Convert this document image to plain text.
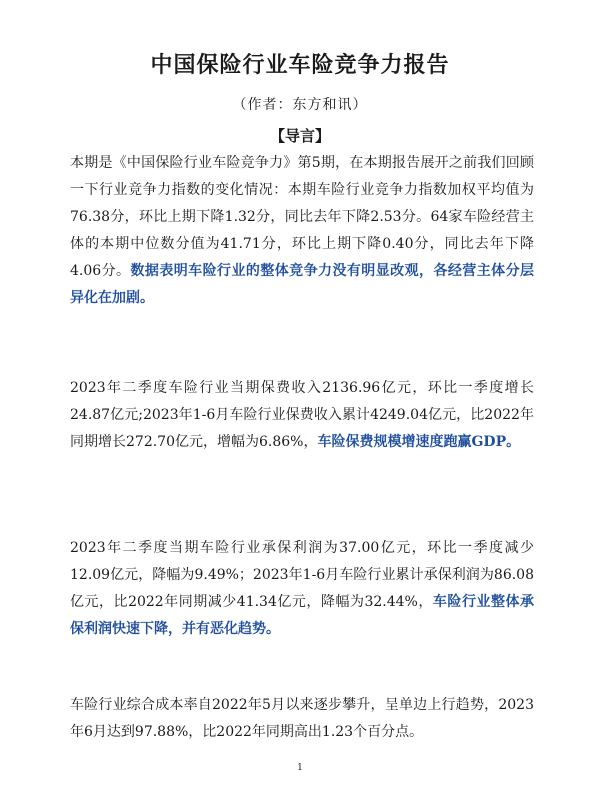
中国保险行业车险竞争力报告
（作者：东方和讯）
【导言】
本期是《中国保险行业车险竞争力》第5期，在本期报告展开之前我们回顾一下行业竞争力指数的变化情况：本期车险行业竞争力指数加权平均值为76.38分，环比上期下降1.32分，同比去年下降2.53分。64家车险经营主体的本期中位数分值为41.71分，环比上期下降0.40分，同比去年下降4.06分。数据表明车险行业的整体竞争力没有明显改观，各经营主体分层异化在加剧。
2023年二季度车险行业当期保费收入2136.96亿元，环比一季度增长24.87亿元;2023年1-6月车险行业保费收入累计4249.04亿元，比2022年同期增长272.70亿元，增幅为6.86%，车险保费规模增速度跑赢GDP。
2023年二季度当期车险行业承保利润为37.00亿元，环比一季度减少12.09亿元，降幅为9.49%；2023年1-6月车险行业累计承保利润为86.08亿元，比2022年同期减少41.34亿元，降幅为32.44%，车险行业整体承保利润快速下降，并有恶化趋势。
车险行业综合成本率自2022年5月以来逐步攀升，呈单边上行趋势，2023年6月达到97.88%，比2022年同期高出1.23个百分点。
1
